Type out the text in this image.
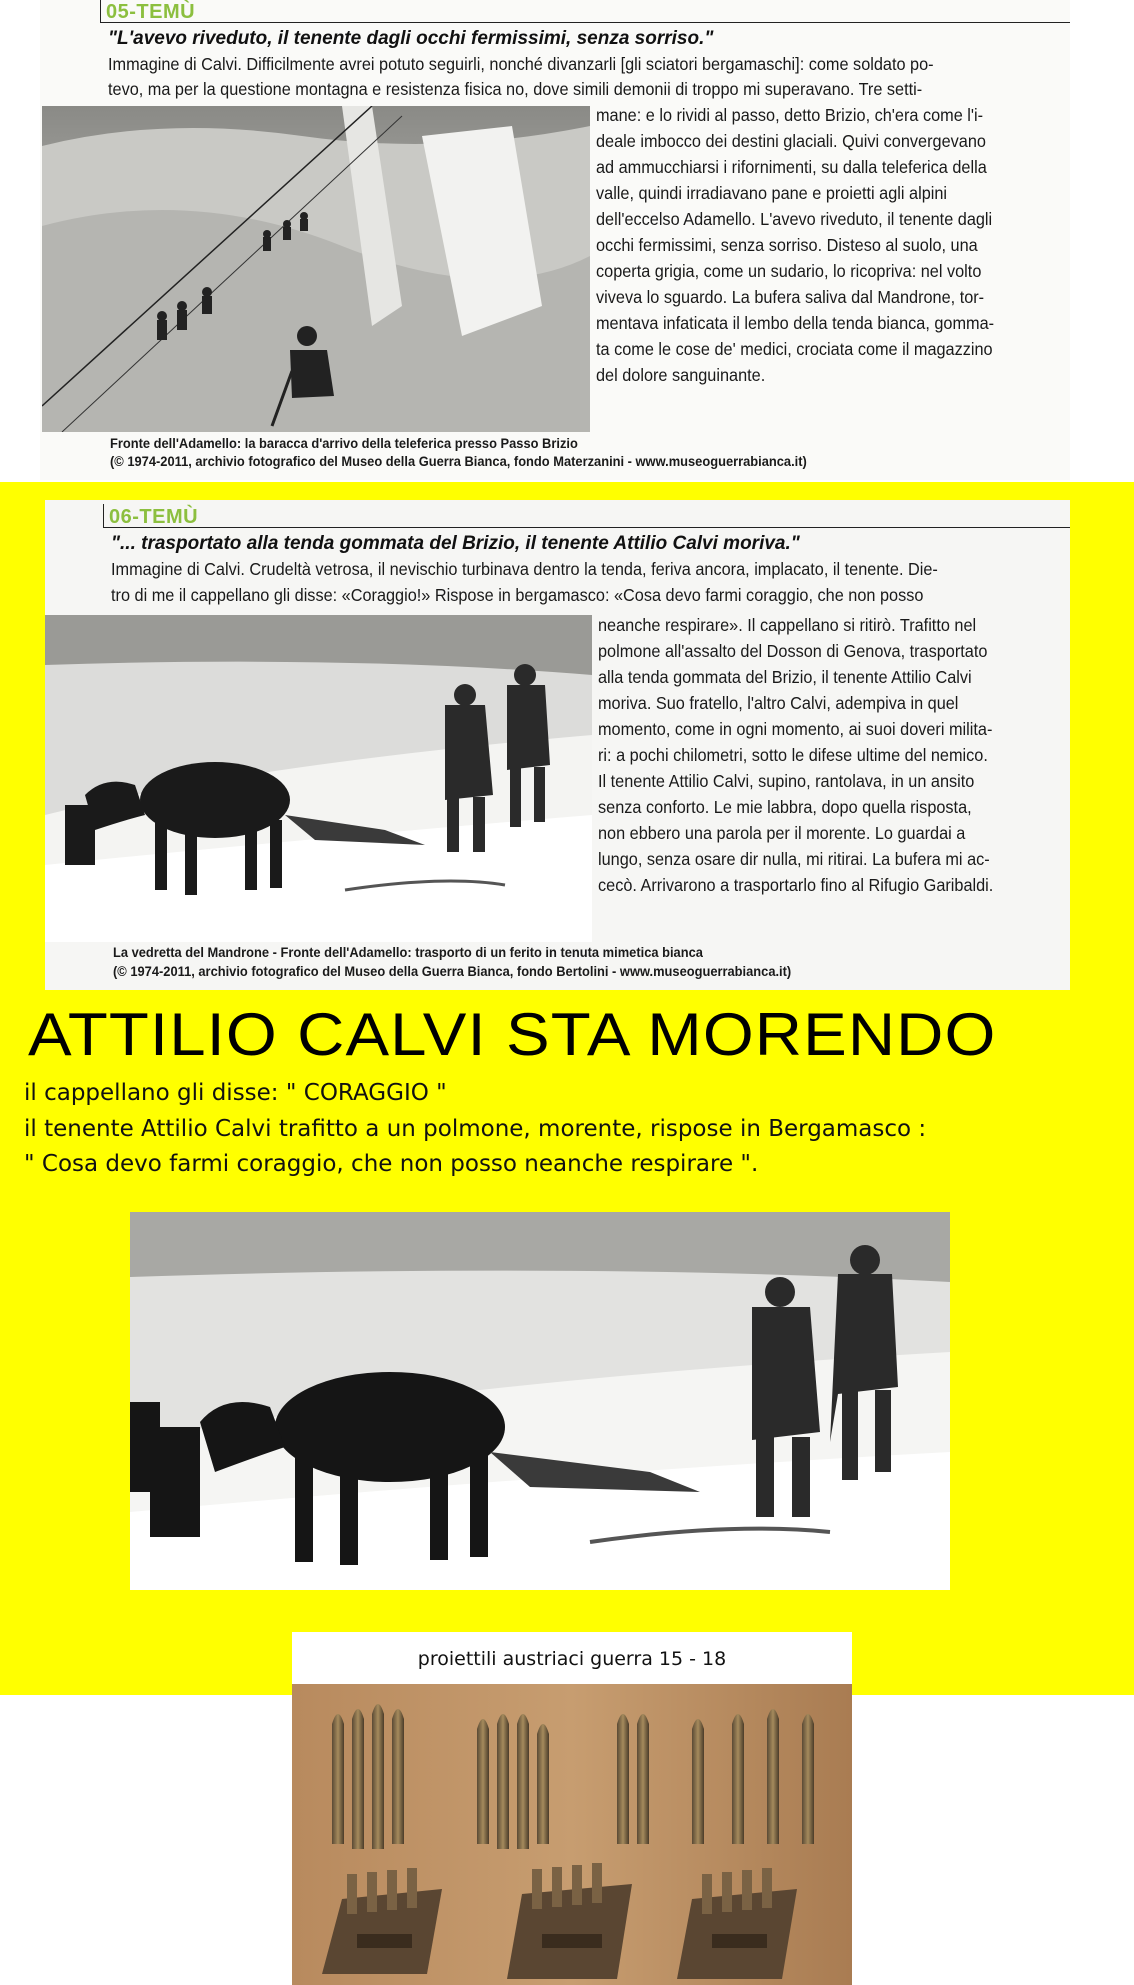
05-TEMÙ
"L'avevo riveduto, il tenente dagli occhi fermissimi, senza sorriso."
Immagine di Calvi. Difficilmente avrei potuto seguirli, nonché divanzarli [gli sciatori bergamaschi]: come soldato po-
tevo, ma per la questione montagna e resistenza fisica no, dove simili demonii di troppo mi superavano. Tre setti-
mane: e lo rividi al passo, detto Brizio, ch'era come l'i-
deale imbocco dei destini glaciali. Quivi convergevano
ad ammucchiarsi i rifornimenti, su dalla teleferica della
valle, quindi irradiavano pane e proietti agli alpini
dell'eccelso Adamello. L'avevo riveduto, il tenente dagli
occhi fermissimi, senza sorriso. Disteso al suolo, una
coperta grigia, come un sudario, lo ricopriva: nel volto
viveva lo sguardo. La bufera saliva dal Mandrone, tor-
mentava infaticata il lembo della tenda bianca, gomma-
ta come le cose de' medici, crociata come il magazzino
del dolore sanguinante.
Fronte dell'Adamello: la baracca d'arrivo della teleferica presso Passo Brizio
(© 1974-2011, archivio fotografico del Museo della Guerra Bianca, fondo Materzanini - www.museoguerrabianca.it)
06-TEMÙ
"... trasportato alla tenda gommata del Brizio, il tenente Attilio Calvi moriva."
Immagine di Calvi. Crudeltà vetrosa, il nevischio turbinava dentro la tenda, feriva ancora, implacato, il tenente. Die-
tro di me il cappellano gli disse: «Coraggio!» Rispose in bergamasco: «Cosa devo farmi coraggio, che non posso
neanche respirare». Il cappellano si ritirò. Trafitto nel
polmone all'assalto del Dosson di Genova, trasportato
alla tenda gommata del Brizio, il tenente Attilio Calvi
moriva. Suo fratello, l'altro Calvi, adempiva in quel
momento, come in ogni momento, ai suoi doveri milita-
ri: a pochi chilometri, sotto le difese ultime del nemico.
Il tenente Attilio Calvi, supino, rantolava, in un ansito
senza conforto. Le mie labbra, dopo quella risposta,
non ebbero una parola per il morente. Lo guardai a
lungo, senza osare dir nulla, mi ritirai. La bufera mi ac-
cecò. Arrivarono a trasportarlo fino al Rifugio Garibaldi.
La vedretta del Mandrone - Fronte dell'Adamello: trasporto di un ferito in tenuta mimetica bianca
(© 1974-2011, archivio fotografico del Museo della Guerra Bianca, fondo Bertolini - www.museoguerrabianca.it)
ATTILIO CALVI STA MORENDO
il cappellano gli disse: " CORAGGIO "
il tenente Attilio Calvi trafitto a un polmone, morente, rispose in Bergamasco :
" Cosa devo farmi coraggio, che non posso neanche respirare ".
proiettili austriaci guerra 15 - 18
